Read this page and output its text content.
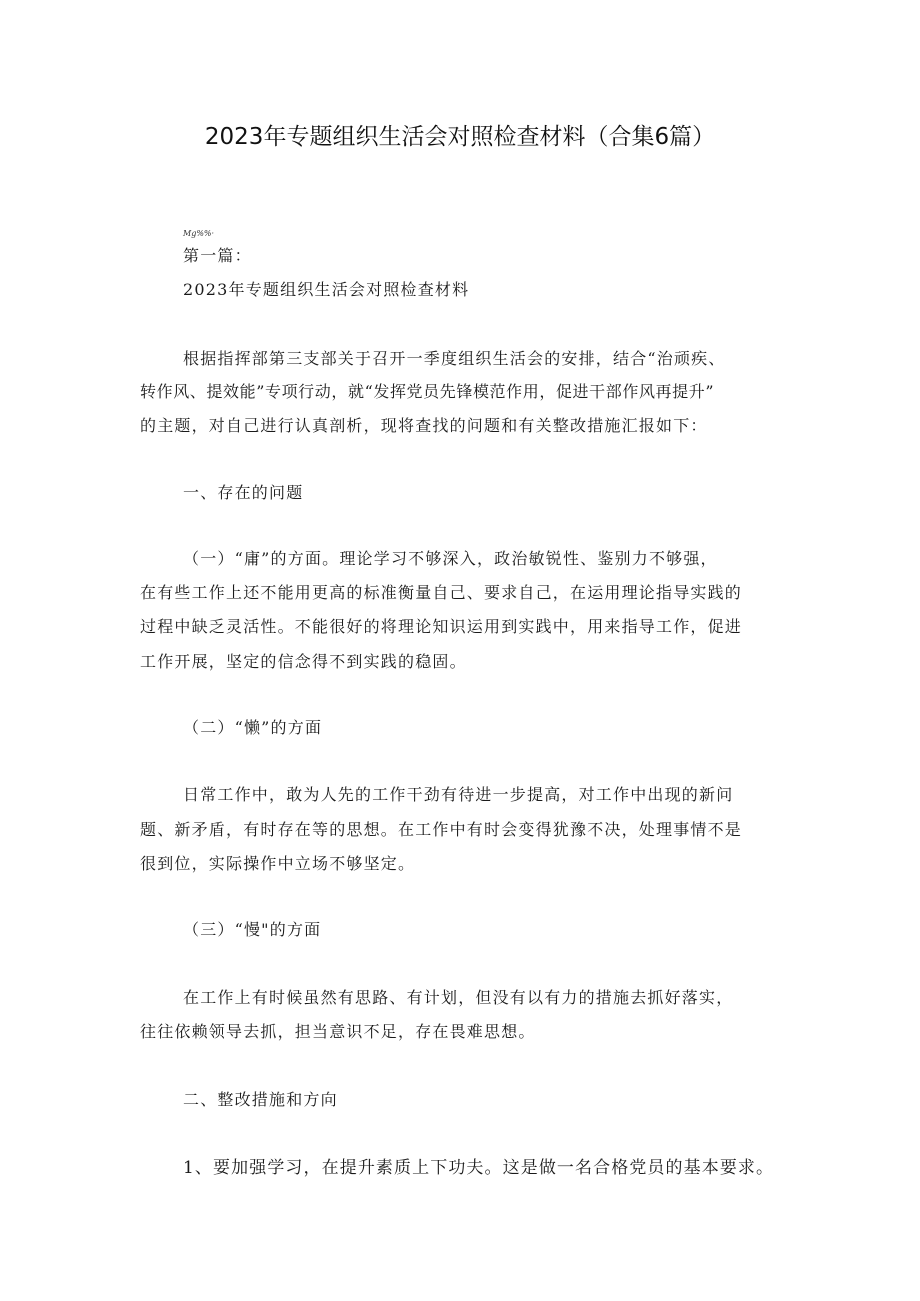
2023年专题组织生活会对照检查材料（合集6篇）
Mg%%·
第一篇：
2023年专题组织生活会对照检查材料
根据指挥部第三支部关于召开一季度组织生活会的安排，结合“治顽疾、
转作风、提效能”专项行动，就“发挥党员先锋模范作用，促进干部作风再提升”
的主题，对自己进行认真剖析，现将查找的问题和有关整改措施汇报如下：
一、存在的问题
（一）“庸”的方面。理论学习不够深入，政治敏锐性、鉴别力不够强，
在有些工作上还不能用更高的标准衡量自己、要求自己，在运用理论指导实践的
过程中缺乏灵活性。不能很好的将理论知识运用到实践中，用来指导工作，促进
工作开展，坚定的信念得不到实践的稳固。
（二）“懒”的方面
日常工作中，敢为人先的工作干劲有待进一步提高，对工作中出现的新问
题、新矛盾，有时存在等的思想。在工作中有时会变得犹豫不决，处理事情不是
很到位，实际操作中立场不够坚定。
（三）“慢"的方面
在工作上有时候虽然有思路、有计划，但没有以有力的措施去抓好落实，
往往依赖领导去抓，担当意识不足，存在畏难思想。
二、整改措施和方向
1、要加强学习，在提升素质上下功夫。这是做一名合格党员的基本要求。
